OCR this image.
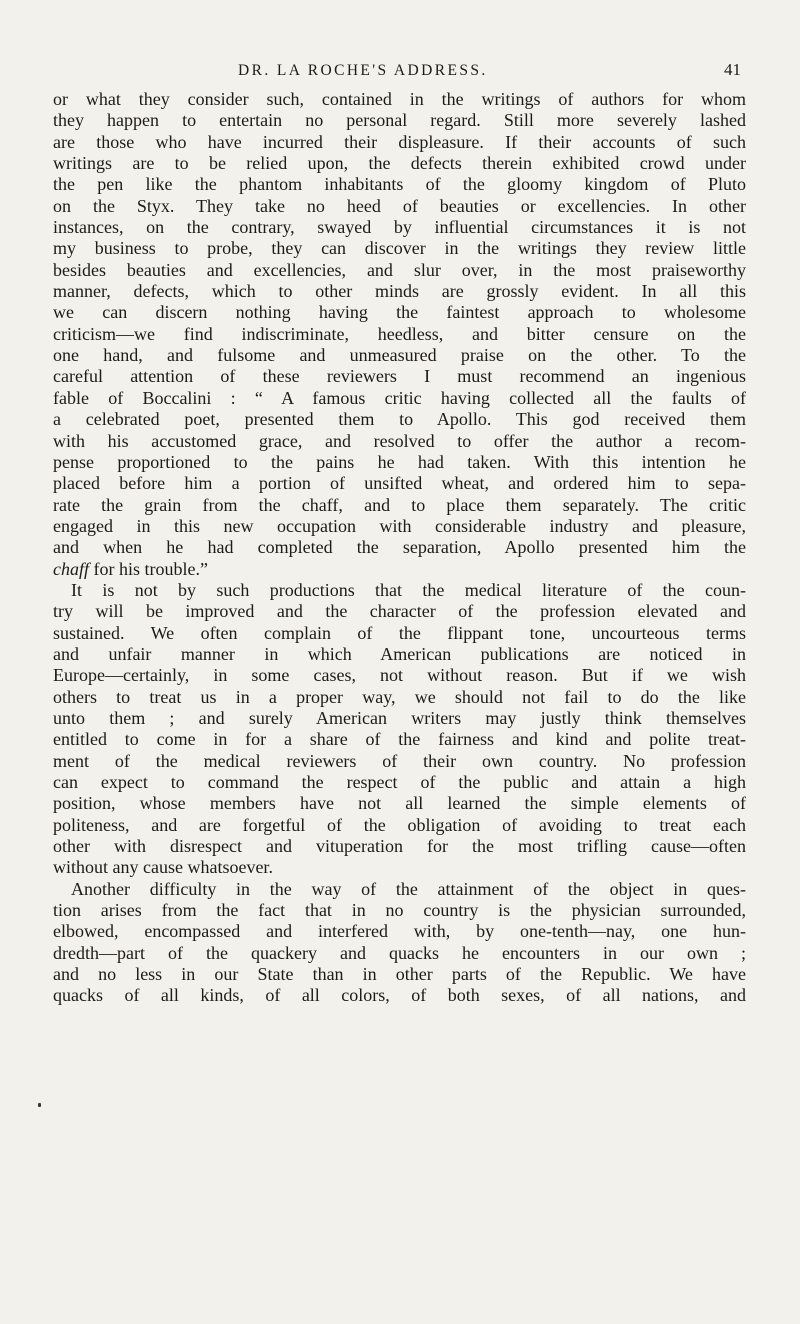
DR. LA ROCHE'S ADDRESS.	41
or what they consider such, contained in the writings of authors for whom
they happen to entertain no personal regard. Still more severely lashed
are those who have incurred their displeasure. If their accounts of such
writings are to be relied upon, the defects therein exhibited crowd under
the pen like the phantom inhabitants of the gloomy kingdom of Pluto
on the Styx. They take no heed of beauties or excellencies. In other
instances, on the contrary, swayed by influential circumstances it is not
my business to probe, they can discover in the writings they review little
besides beauties and excellencies, and slur over, in the most praiseworthy
manner, defects, which to other minds are grossly evident. In all this
we can discern nothing having the faintest approach to wholesome
criticism—we find indiscriminate, heedless, and bitter censure on the
one hand, and fulsome and unmeasured praise on the other. To the
careful attention of these reviewers I must recommend an ingenious
fable of Boccalini : “ A famous critic having collected all the faults of
a celebrated poet, presented them to Apollo. This god received them
with his accustomed grace, and resolved to offer the author a recom-
pense proportioned to the pains he had taken. With this intention he
placed before him a portion of unsifted wheat, and ordered him to sepa-
rate the grain from the chaff, and to place them separately. The critic
engaged in this new occupation with considerable industry and pleasure,
and when he had completed the separation, Apollo presented him the
chaff for his trouble.”
It is not by such productions that the medical literature of the coun-
try will be improved and the character of the profession elevated and
sustained. We often complain of the flippant tone, uncourteous terms
and unfair manner in which American publications are noticed in
Europe—certainly, in some cases, not without reason. But if we wish
others to treat us in a proper way, we should not fail to do the like
unto them ; and surely American writers may justly think themselves
entitled to come in for a share of the fairness and kind and polite treat-
ment of the medical reviewers of their own country. No profession
can expect to command the respect of the public and attain a high
position, whose members have not all learned the simple elements of
politeness, and are forgetful of the obligation of avoiding to treat each
other with disrespect and vituperation for the most trifling cause—often
without any cause whatsoever.
Another difficulty in the way of the attainment of the object in ques-
tion arises from the fact that in no country is the physician surrounded,
elbowed, encompassed and interfered with, by one-tenth—nay, one hun-
dredth—part of the quackery and quacks he encounters in our own ;
and no less in our State than in other parts of the Republic. We have
quacks of all kinds, of all colors, of both sexes, of all nations, and
